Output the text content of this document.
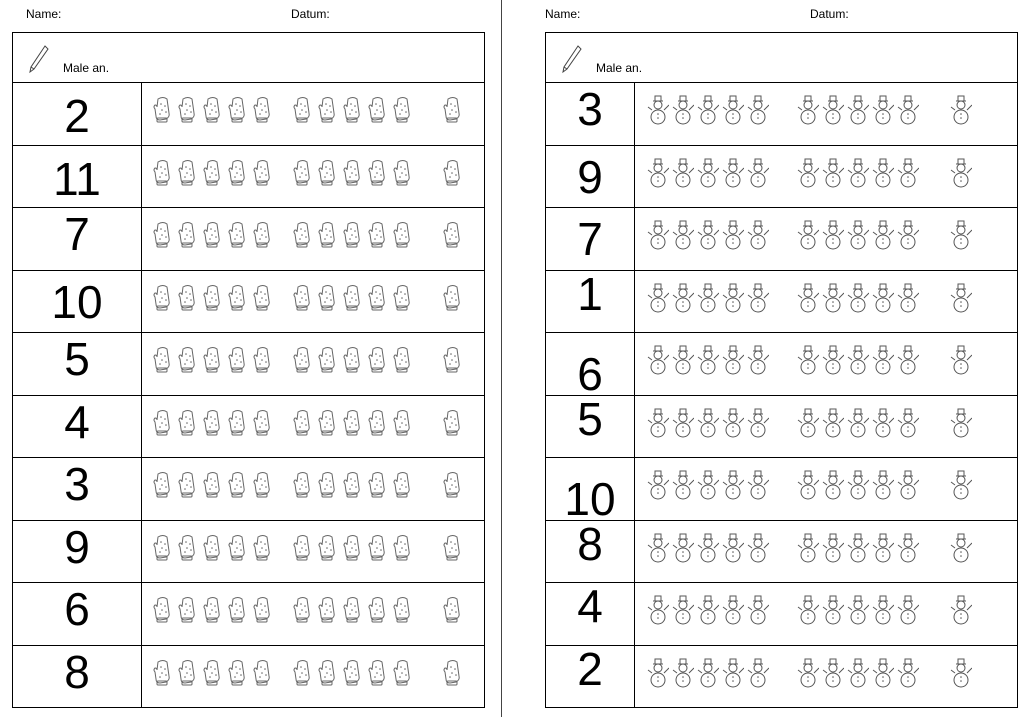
Name:	Datum:
Male an.
2
11
7
10
5
4
3
9
6
8
Name:	Datum:
Male an.
3
9
7
1
6
5
10
8
4
2
